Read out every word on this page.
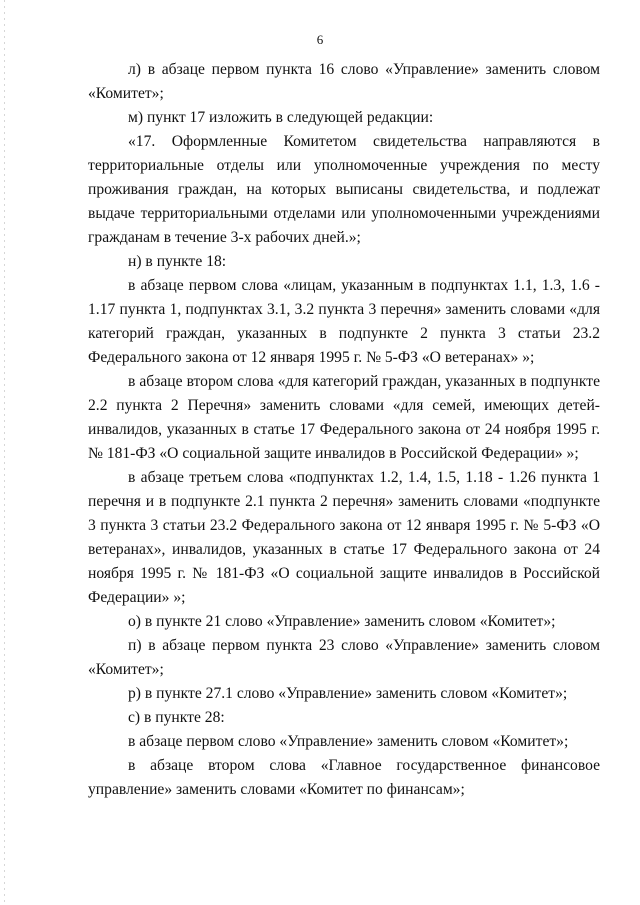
6

л) в абзаце первом пункта 16 слово «Управление» заменить словом «Комитет»;

м) пункт 17 изложить в следующей редакции:

«17. Оформленные Комитетом свидетельства направляются в территориальные отделы или уполномоченные учреждения по месту проживания граждан, на которых выписаны свидетельства, и подлежат выдаче территориальными отделами или уполномоченными учреждениями гражданам в течение 3-х рабочих дней.»;

н) в пункте 18:

в абзаце первом слова «лицам, указанным в подпунктах 1.1, 1.3, 1.6 - 1.17 пункта 1, подпунктах 3.1, 3.2 пункта 3 перечня» заменить словами «для категорий граждан, указанных в подпункте 2 пункта 3 статьи 23.2 Федерального закона от 12 января 1995 г. № 5-ФЗ «О ветеранах» »;

в абзаце втором слова «для категорий граждан, указанных в подпункте 2.2 пункта 2 Перечня» заменить словами «для семей, имеющих детей-инвалидов, указанных в статье 17 Федерального закона от 24 ноября 1995 г. № 181-ФЗ «О социальной защите инвалидов в Российской Федерации» »;

в абзаце третьем слова «подпунктах 1.2, 1.4, 1.5, 1.18 - 1.26 пункта 1 перечня и в подпункте 2.1 пункта 2 перечня» заменить словами «подпункте 3 пункта 3 статьи 23.2 Федерального закона от 12 января 1995 г. № 5-ФЗ «О ветеранах», инвалидов, указанных в статье 17 Федерального закона от 24 ноября 1995 г. № 181-ФЗ «О социальной защите инвалидов в Российской Федерации» »;

о) в пункте 21 слово «Управление» заменить словом «Комитет»;

п) в абзаце первом пункта 23 слово «Управление» заменить словом «Комитет»;

р) в пункте 27.1 слово «Управление» заменить словом «Комитет»;

с) в пункте 28:

в абзаце первом слово «Управление» заменить словом «Комитет»;

в абзаце втором слова «Главное государственное финансовое управление» заменить словами «Комитет по финансам»;
